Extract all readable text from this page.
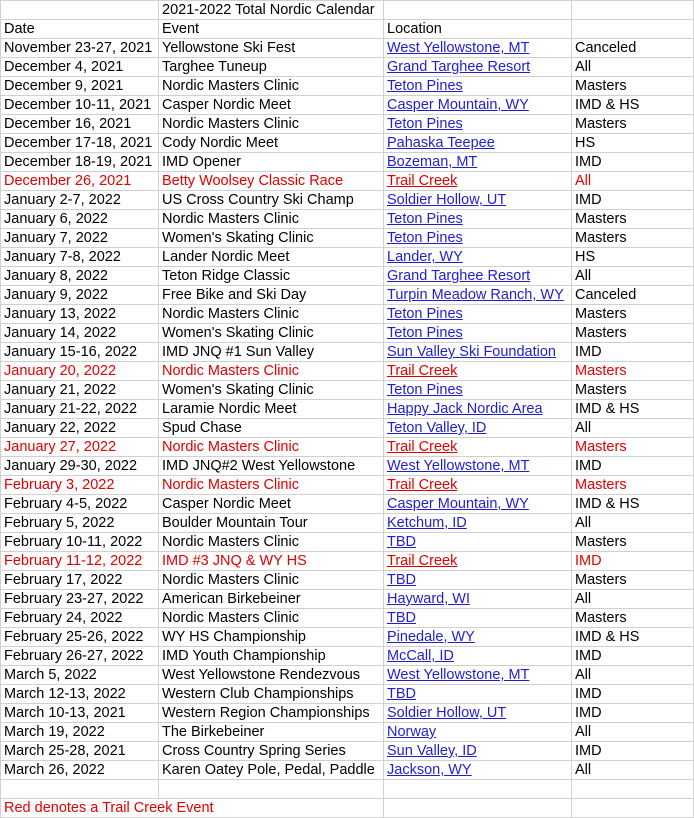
	2021-2022 Total Nordic Calendar		
Date	Event	Location	
November 23-27, 2021	Yellowstone Ski Fest	West Yellowstone, MT	Canceled
December 4, 2021	Targhee Tuneup	Grand Targhee Resort	All
December 9, 2021	Nordic Masters Clinic	Teton Pines	Masters
December 10-11, 2021	Casper Nordic Meet	Casper Mountain, WY	IMD & HS
December 16, 2021	Nordic Masters Clinic	Teton Pines	Masters
December 17-18, 2021	Cody Nordic Meet	Pahaska Teepee	HS
December 18-19, 2021	IMD Opener	Bozeman, MT	IMD
December 26, 2021	Betty Woolsey Classic Race	Trail Creek	All
January 2-7, 2022	US Cross Country Ski Champ	Soldier Hollow, UT	IMD
January 6, 2022	Nordic Masters Clinic	Teton Pines	Masters
January 7, 2022	Women's Skating Clinic	Teton Pines	Masters
January 7-8, 2022	Lander Nordic Meet	Lander, WY	HS
January 8, 2022	Teton Ridge Classic	Grand Targhee Resort	All
January 9, 2022	Free Bike and Ski Day	Turpin Meadow Ranch, WY	Canceled
January 13, 2022	Nordic Masters Clinic	Teton Pines	Masters
January 14, 2022	Women's Skating Clinic	Teton Pines	Masters
January 15-16, 2022	IMD JNQ #1 Sun Valley	Sun Valley Ski Foundation	IMD
January 20, 2022	Nordic Masters Clinic	Trail Creek	Masters
January 21, 2022	Women's Skating Clinic	Teton Pines	Masters
January 21-22, 2022	Laramie Nordic Meet	Happy Jack Nordic Area	IMD & HS
January 22, 2022	Spud Chase	Teton Valley, ID	All
January 27, 2022	Nordic Masters Clinic	Trail Creek	Masters
January 29-30, 2022	IMD JNQ#2 West Yellowstone	West Yellowstone, MT	IMD
February 3, 2022	Nordic Masters Clinic	Trail Creek	Masters
February 4-5, 2022	Casper Nordic Meet	Casper Mountain, WY	IMD & HS
February 5, 2022	Boulder Mountain Tour	Ketchum, ID	All
February 10-11, 2022	Nordic Masters Clinic	TBD	Masters
February 11-12, 2022	IMD #3 JNQ & WY HS	Trail Creek	IMD
February 17, 2022	Nordic Masters Clinic	TBD	Masters
February 23-27, 2022	American Birkebeiner	Hayward, WI	All
February 24, 2022	Nordic Masters Clinic	TBD	Masters
February 25-26, 2022	WY HS Championship	Pinedale, WY	IMD & HS
February 26-27, 2022	IMD Youth Championship	McCall, ID	IMD
March 5, 2022	West Yellowstone Rendezvous	West Yellowstone, MT	All
March 12-13, 2022	Western Club Championships	TBD	IMD
March 10-13, 2021	Western Region Championships	Soldier Hollow, UT	IMD
March 19, 2022	The Birkebeiner	Norway	All
March 25-28, 2021	Cross Country Spring Series	Sun Valley, ID	IMD
March 26, 2022	Karen Oatey Pole, Pedal, Paddle	Jackson, WY	All

Red denotes a Trail Creek Event			
